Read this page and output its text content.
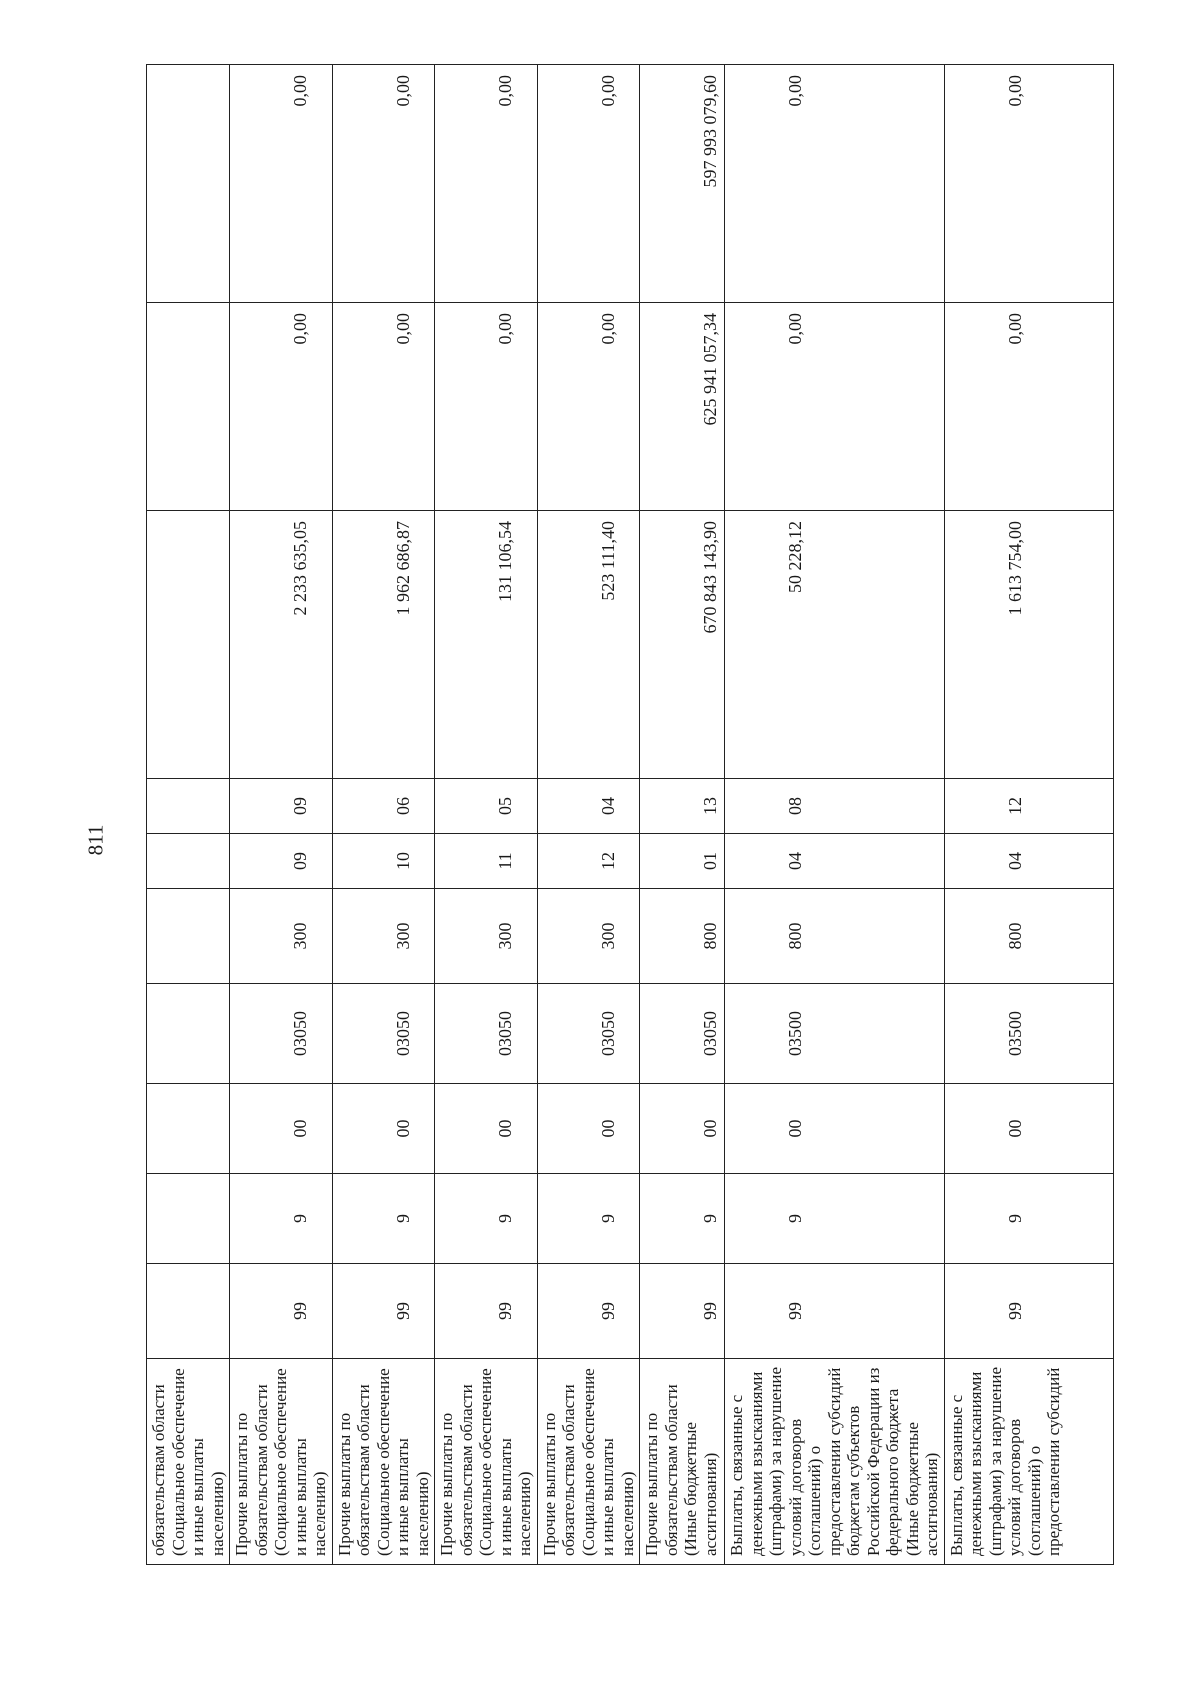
811
обязательствам области (Социальное обеспечение и иные выплаты населению)										
Прочие выплаты по обязательствам области (Социальное обеспечение и иные выплаты населению)	99	9	00	03050	300	09	09	2 233 635,05	0,00	0,00
Прочие выплаты по обязательствам области (Социальное обеспечение и иные выплаты населению)	99	9	00	03050	300	10	06	1 962 686,87	0,00	0,00
Прочие выплаты по обязательствам области (Социальное обеспечение и иные выплаты населению)	99	9	00	03050	300	11	05	131 106,54	0,00	0,00
Прочие выплаты по обязательствам области (Социальное обеспечение и иные выплаты населению)	99	9	00	03050	300	12	04	523 111,40	0,00	0,00
Прочие выплаты по обязательствам области (Иные бюджетные ассигнования)	99	9	00	03050	800	01	13	670 843 143,90	625 941 057,34	597 993 079,60
Выплаты, связанные с денежными взысканиями (штрафами) за нарушение условий договоров (соглашений) о предоставлении субсидий бюджетам субъектов Российской Федерации из федерального бюджета (Иные бюджетные ассигнования)	99	9	00	03500	800	04	08	50 228,12	0,00	0,00
Выплаты, связанные с денежными взысканиями (штрафами) за нарушение условий договоров (соглашений) о предоставлении субсидий	99	9	00	03500	800	04	12	1 613 754,00	0,00	0,00
